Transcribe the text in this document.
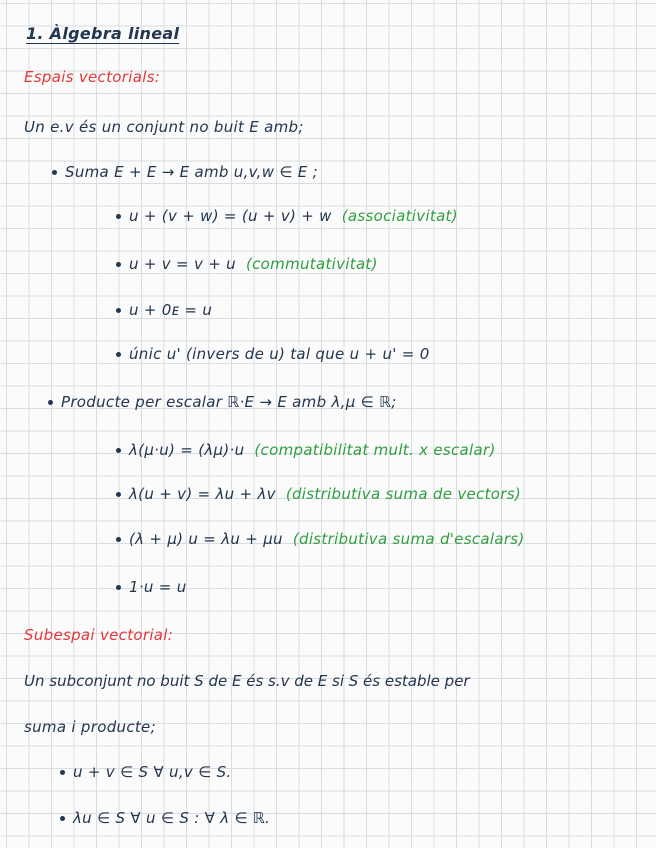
1. Àlgebra lineal
Espais vectorials:
Un e.v és un conjunt no buit E amb;
Suma E + E → E amb u,v,w ∈ E ;
u + (v + w) = (u + v) + w (associativitat)
u + v = v + u (commutativitat)
u + 0ᴇ = u
únic u' (invers de u) tal que u + u' = 0
Producte per escalar ℝ·E → E amb λ,μ ∈ ℝ;
λ(μ·u) = (λμ)·u (compatibilitat mult. x escalar)
λ(u + v) = λu + λv (distributiva suma de vectors)
(λ + μ) u = λu + μu (distributiva suma d'escalars)
1·u = u
Subespai vectorial:
Un subconjunt no buit S de E és s.v de E si S és estable per
suma i producte;
u + v ∈ S ∀ u,v ∈ S.
λu ∈ S ∀ u ∈ S : ∀ λ ∈ ℝ.
